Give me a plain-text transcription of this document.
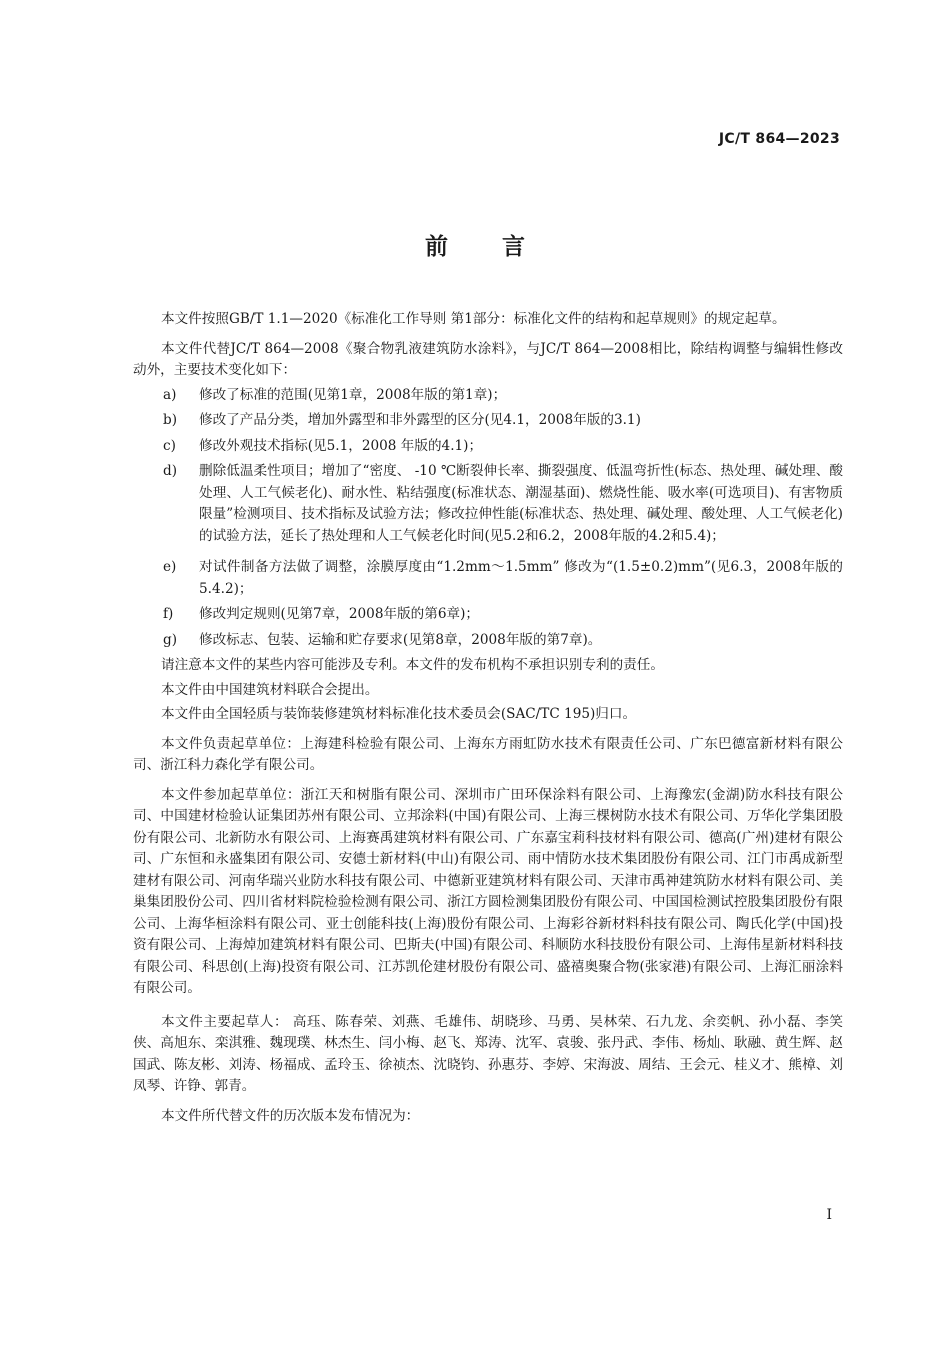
JC/T 864—2023
前言

本文件按照GB/T 1.1—2020《标准化工作导则 第1部分：标准化文件的结构和起草规则》的规定起草。

本文件代替JC/T 864—2008《聚合物乳液建筑防水涂料》，与JC/T 864—2008相比，除结构调整与编辑性修改动外，主要技术变化如下：

a)	修改了标准的范围(见第1章，2008年版的第1章)；
b)	修改了产品分类，增加外露型和非外露型的区分(见4.1，2008年版的3.1)
c)	修改外观技术指标(见5.1，2008 年版的4.1)；
d)	删除低温柔性项目；增加了“密度、 -10 ℃断裂伸长率、撕裂强度、低温弯折性(标态、热处理、碱处理、酸处理、人工气候老化)、耐水性、粘结强度(标准状态、潮湿基面)、燃烧性能、吸水率(可选项目)、有害物质限量”检测项目、技术指标及试验方法；修改拉伸性能(标准状态、热处理、碱处理、酸处理、人工气候老化)的试验方法，延长了热处理和人工气候老化时间(见5.2和6.2，2008年版的4.2和5.4)；
e)	对试件制备方法做了调整，涂膜厚度由“1.2mm～1.5mm” 修改为“(1.5±0.2)mm”(见6.3，2008年版的5.4.2)；
f)	修改判定规则(见第7章，2008年版的第6章)；
g)	修改标志、包装、运输和贮存要求(见第8章，2008年版的第7章)。

请注意本文件的某些内容可能涉及专利。本文件的发布机构不承担识别专利的责任。

本文件由中国建筑材料联合会提出。

本文件由全国轻质与装饰装修建筑材料标准化技术委员会(SAC/TC 195)归口。

本文件负责起草单位：上海建科检验有限公司、上海东方雨虹防水技术有限责任公司、广东巴德富新材料有限公司、浙江科力森化学有限公司。

本文件参加起草单位：浙江天和树脂有限公司、深圳市广田环保涂料有限公司、上海豫宏(金湖)防水科技有限公司、中国建材检验认证集团苏州有限公司、立邦涂料(中国)有限公司、上海三棵树防水技术有限公司、万华化学集团股份有限公司、北新防水有限公司、上海赛禹建筑材料有限公司、广东嘉宝莉科技材料有限公司、德高(广州)建材有限公司、广东恒和永盛集团有限公司、安德士新材料(中山)有限公司、雨中情防水技术集团股份有限公司、江门市禹成新型建材有限公司、河南华瑞兴业防水科技有限公司、中德新亚建筑材料有限公司、天津市禹神建筑防水材料有限公司、美巢集团股份公司、四川省材料院检验检测有限公司、浙江方圆检测集团股份有限公司、中国国检测试控股集团股份有限公司、上海华桓涂料有限公司、亚士创能科技(上海)股份有限公司、上海彩谷新材料科技有限公司、陶氏化学(中国)投资有限公司、上海焯加建筑材料有限公司、巴斯夫(中国)有限公司、科顺防水科技股份有限公司、上海伟星新材料科技有限公司、科思创(上海)投资有限公司、江苏凯伦建材股份有限公司、盛禧奥聚合物(张家港)有限公司、上海汇丽涂料有限公司。

本文件主要起草人： 高珏、陈春荣、刘燕、毛雄伟、胡晓珍、马勇、吴林荣、石九龙、余奕帆、孙小磊、李笑侠、高旭东、栾淇雅、魏现璞、林杰生、闫小梅、赵飞、郑涛、沈军、袁骏、张丹武、李伟、杨灿、耿融、黄生辉、赵国武、陈友彬、刘涛、杨福成、孟玲玉、徐祯杰、沈晓钧、孙惠芬、李婷、宋海波、周结、王会元、桂义才、熊樟、刘凤琴、许铮、郭青。

本文件所代替文件的历次版本发布情况为：

I
